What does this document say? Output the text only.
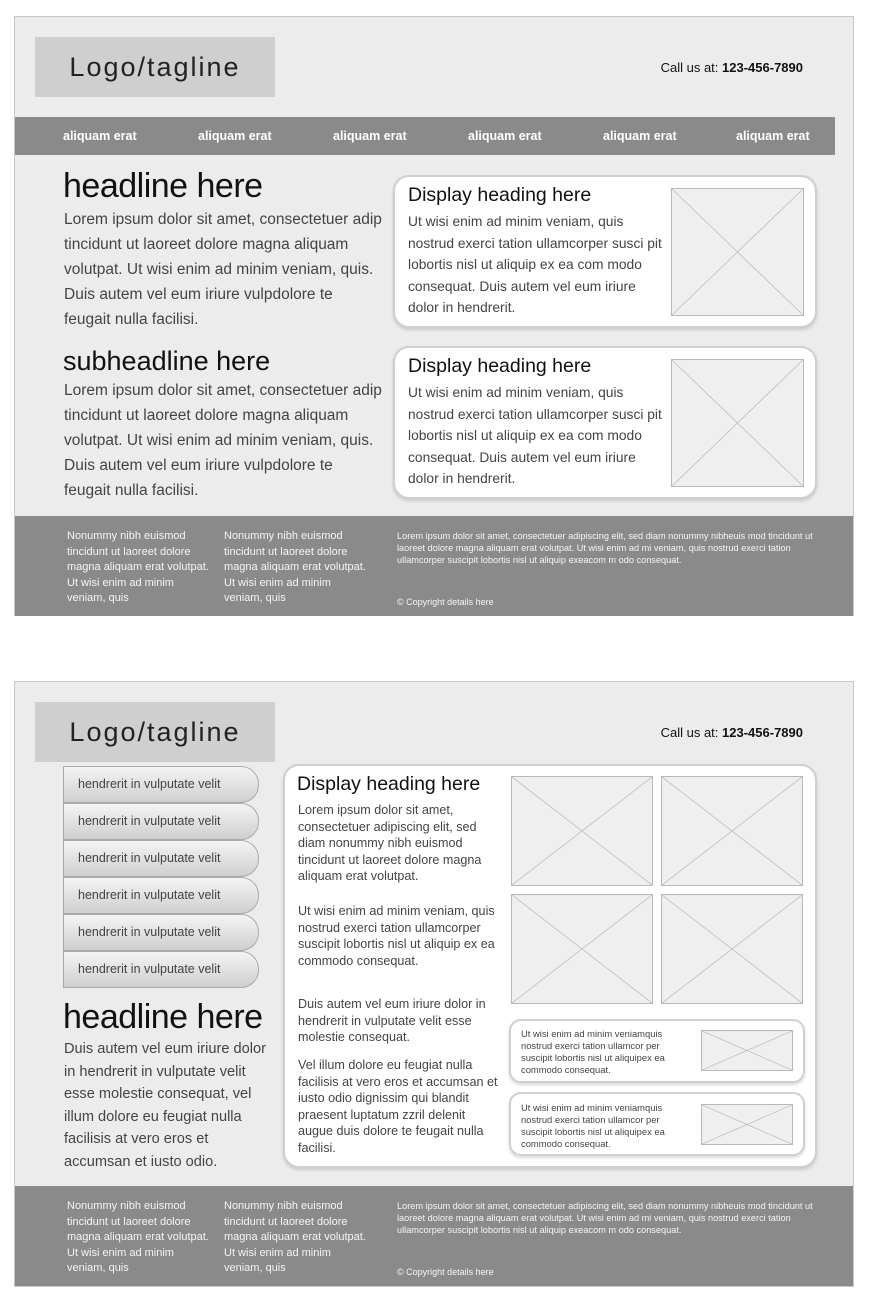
Logo/tagline	Call us at: 123-456-7890
aliquam erat	aliquam erat	aliquam erat	aliquam erat	aliquam erat	aliquam erat
headline here
Lorem ipsum dolor sit amet, consectetuer adip tincidunt ut laoreet dolore magna aliquam volutpat. Ut wisi enim ad minim veniam, quis. Duis autem vel eum iriure vulpdolore te feugait nulla facilisi.
subheadline here
Lorem ipsum dolor sit amet, consectetuer adip tincidunt ut laoreet dolore magna aliquam volutpat. Ut wisi enim ad minim veniam, quis. Duis autem vel eum iriure vulpdolore te feugait nulla facilisi.
Display heading here
Ut wisi enim ad minim veniam, quis nostrud exerci tation ullamcorper susci pit lobortis nisl ut aliquip ex ea com modo consequat. Duis autem vel eum iriure dolor in hendrerit.
Display heading here
Ut wisi enim ad minim veniam, quis nostrud exerci tation ullamcorper susci pit lobortis nisl ut aliquip ex ea com modo consequat. Duis autem vel eum iriure dolor in hendrerit.
Nonummy nibh euismod tincidunt ut laoreet dolore magna aliquam erat volutpat. Ut wisi enim ad minim veniam, quis
Nonummy nibh euismod tincidunt ut laoreet dolore magna aliquam erat volutpat. Ut wisi enim ad minim veniam, quis
Lorem ipsum dolor sit amet, consectetuer adipiscing elit, sed diam nonummy nibheuis mod tincidunt ut laoreet dolore magna aliquam erat volutpat. Ut wisi enim ad mi veniam, quis nostrud exerci tation ullamcorper suscipit lobortis nisl ut aliquip exeacom m odo consequat.
© Copyright details here
Logo/tagline	Call us at: 123-456-7890
hendrerit in vulputate velit
hendrerit in vulputate velit
hendrerit in vulputate velit
hendrerit in vulputate velit
hendrerit in vulputate velit
hendrerit in vulputate velit
headline here
Duis autem vel eum iriure dolor in hendrerit in vulputate velit esse molestie consequat, vel illum dolore eu feugiat nulla facilisis at vero eros et accumsan et iusto odio.
Display heading here
Lorem ipsum dolor sit amet, consectetuer adipiscing elit, sed diam nonummy nibh euismod tincidunt ut laoreet dolore magna aliquam erat volutpat.
Ut wisi enim ad minim veniam, quis nostrud exerci tation ullamcorper suscipit lobortis nisl ut aliquip ex ea commodo consequat.
Duis autem vel eum iriure dolor in hendrerit in vulputate velit esse molestie consequat.
Vel illum dolore eu feugiat nulla facilisis at vero eros et accumsan et iusto odio dignissim qui blandit praesent luptatum zzril delenit augue duis dolore te feugait nulla facilisi.
Ut wisi enim ad minim veniamquis nostrud exerci tation ullamcor per suscipit lobortis nisl ut aliquipex ea commodo consequat.
Ut wisi enim ad minim veniamquis nostrud exerci tation ullamcor per suscipit lobortis nisl ut aliquipex ea commodo consequat.
Nonummy nibh euismod tincidunt ut laoreet dolore magna aliquam erat volutpat. Ut wisi enim ad minim veniam, quis
Nonummy nibh euismod tincidunt ut laoreet dolore magna aliquam erat volutpat. Ut wisi enim ad minim veniam, quis
Lorem ipsum dolor sit amet, consectetuer adipiscing elit, sed diam nonummy nibheuis mod tincidunt ut laoreet dolore magna aliquam erat volutpat. Ut wisi enim ad mi veniam, quis nostrud exerci tation ullamcorper suscipit lobortis nisl ut aliquip exeacom m odo consequat.
© Copyright details here
